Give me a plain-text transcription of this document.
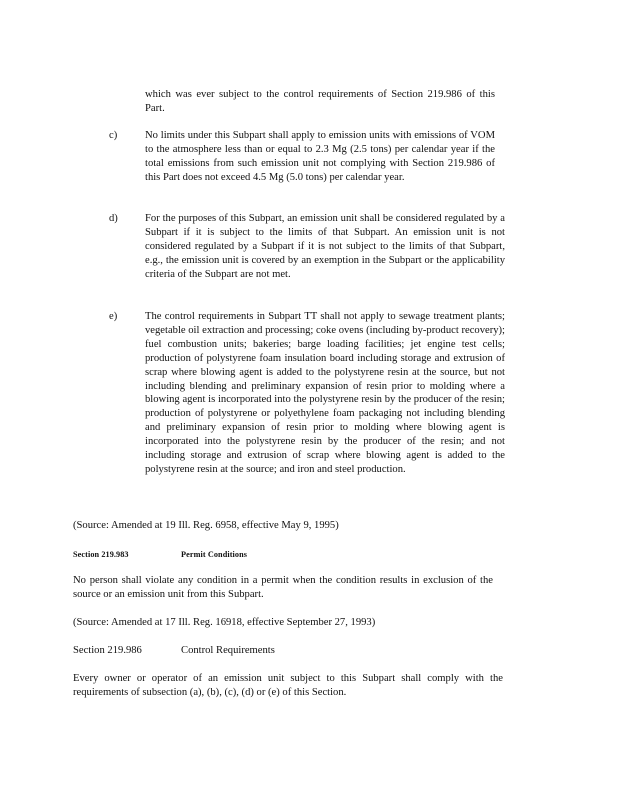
which was ever subject to the control requirements of Section 219.986 of this Part.

c)	No limits under this Subpart shall apply to emission units with emissions of VOM to the atmosphere less than or equal to 2.3 Mg (2.5 tons) per calendar year if the total emissions from such emission unit not complying with Section 219.986 of this Part does not exceed 4.5 Mg (5.0 tons) per calendar year.

d)	For the purposes of this Subpart, an emission unit shall be considered regulated by a Subpart if it is subject to the limits of that Subpart. An emission unit is not considered regulated by a Subpart if it is not subject to the limits of that Subpart, e.g., the emission unit is covered by an exemption in the Subpart or the applicability criteria of the Subpart are not met.

e)	The control requirements in Subpart TT shall not apply to sewage treatment plants; vegetable oil extraction and processing; coke ovens (including by-product recovery); fuel combustion units; bakeries; barge loading facilities; jet engine test cells; production of polystyrene foam insulation board including storage and extrusion of scrap where blowing agent is added to the polystyrene resin at the source, but not including blending and preliminary expansion of resin prior to molding where a blowing agent is incorporated into the polystyrene resin by the producer of the resin; production of polystyrene or polyethylene foam packaging not including blending and preliminary expansion of resin prior to molding where blowing agent is incorporated into the polystyrene resin by the producer of the resin; and not including storage and extrusion of scrap where blowing agent is added to the polystyrene resin at the source; and iron and steel production.

(Source: Amended at 19 Ill. Reg. 6958, effective May 9, 1995)

Section 219.983	Permit Conditions

No person shall violate any condition in a permit when the condition results in exclusion of the source or an emission unit from this Subpart.

(Source: Amended at 17 Ill. Reg. 16918, effective September 27, 1993)

Section 219.986	Control Requirements

Every owner or operator of an emission unit subject to this Subpart shall comply with the requirements of subsection (a), (b), (c), (d) or (e) of this Section.
